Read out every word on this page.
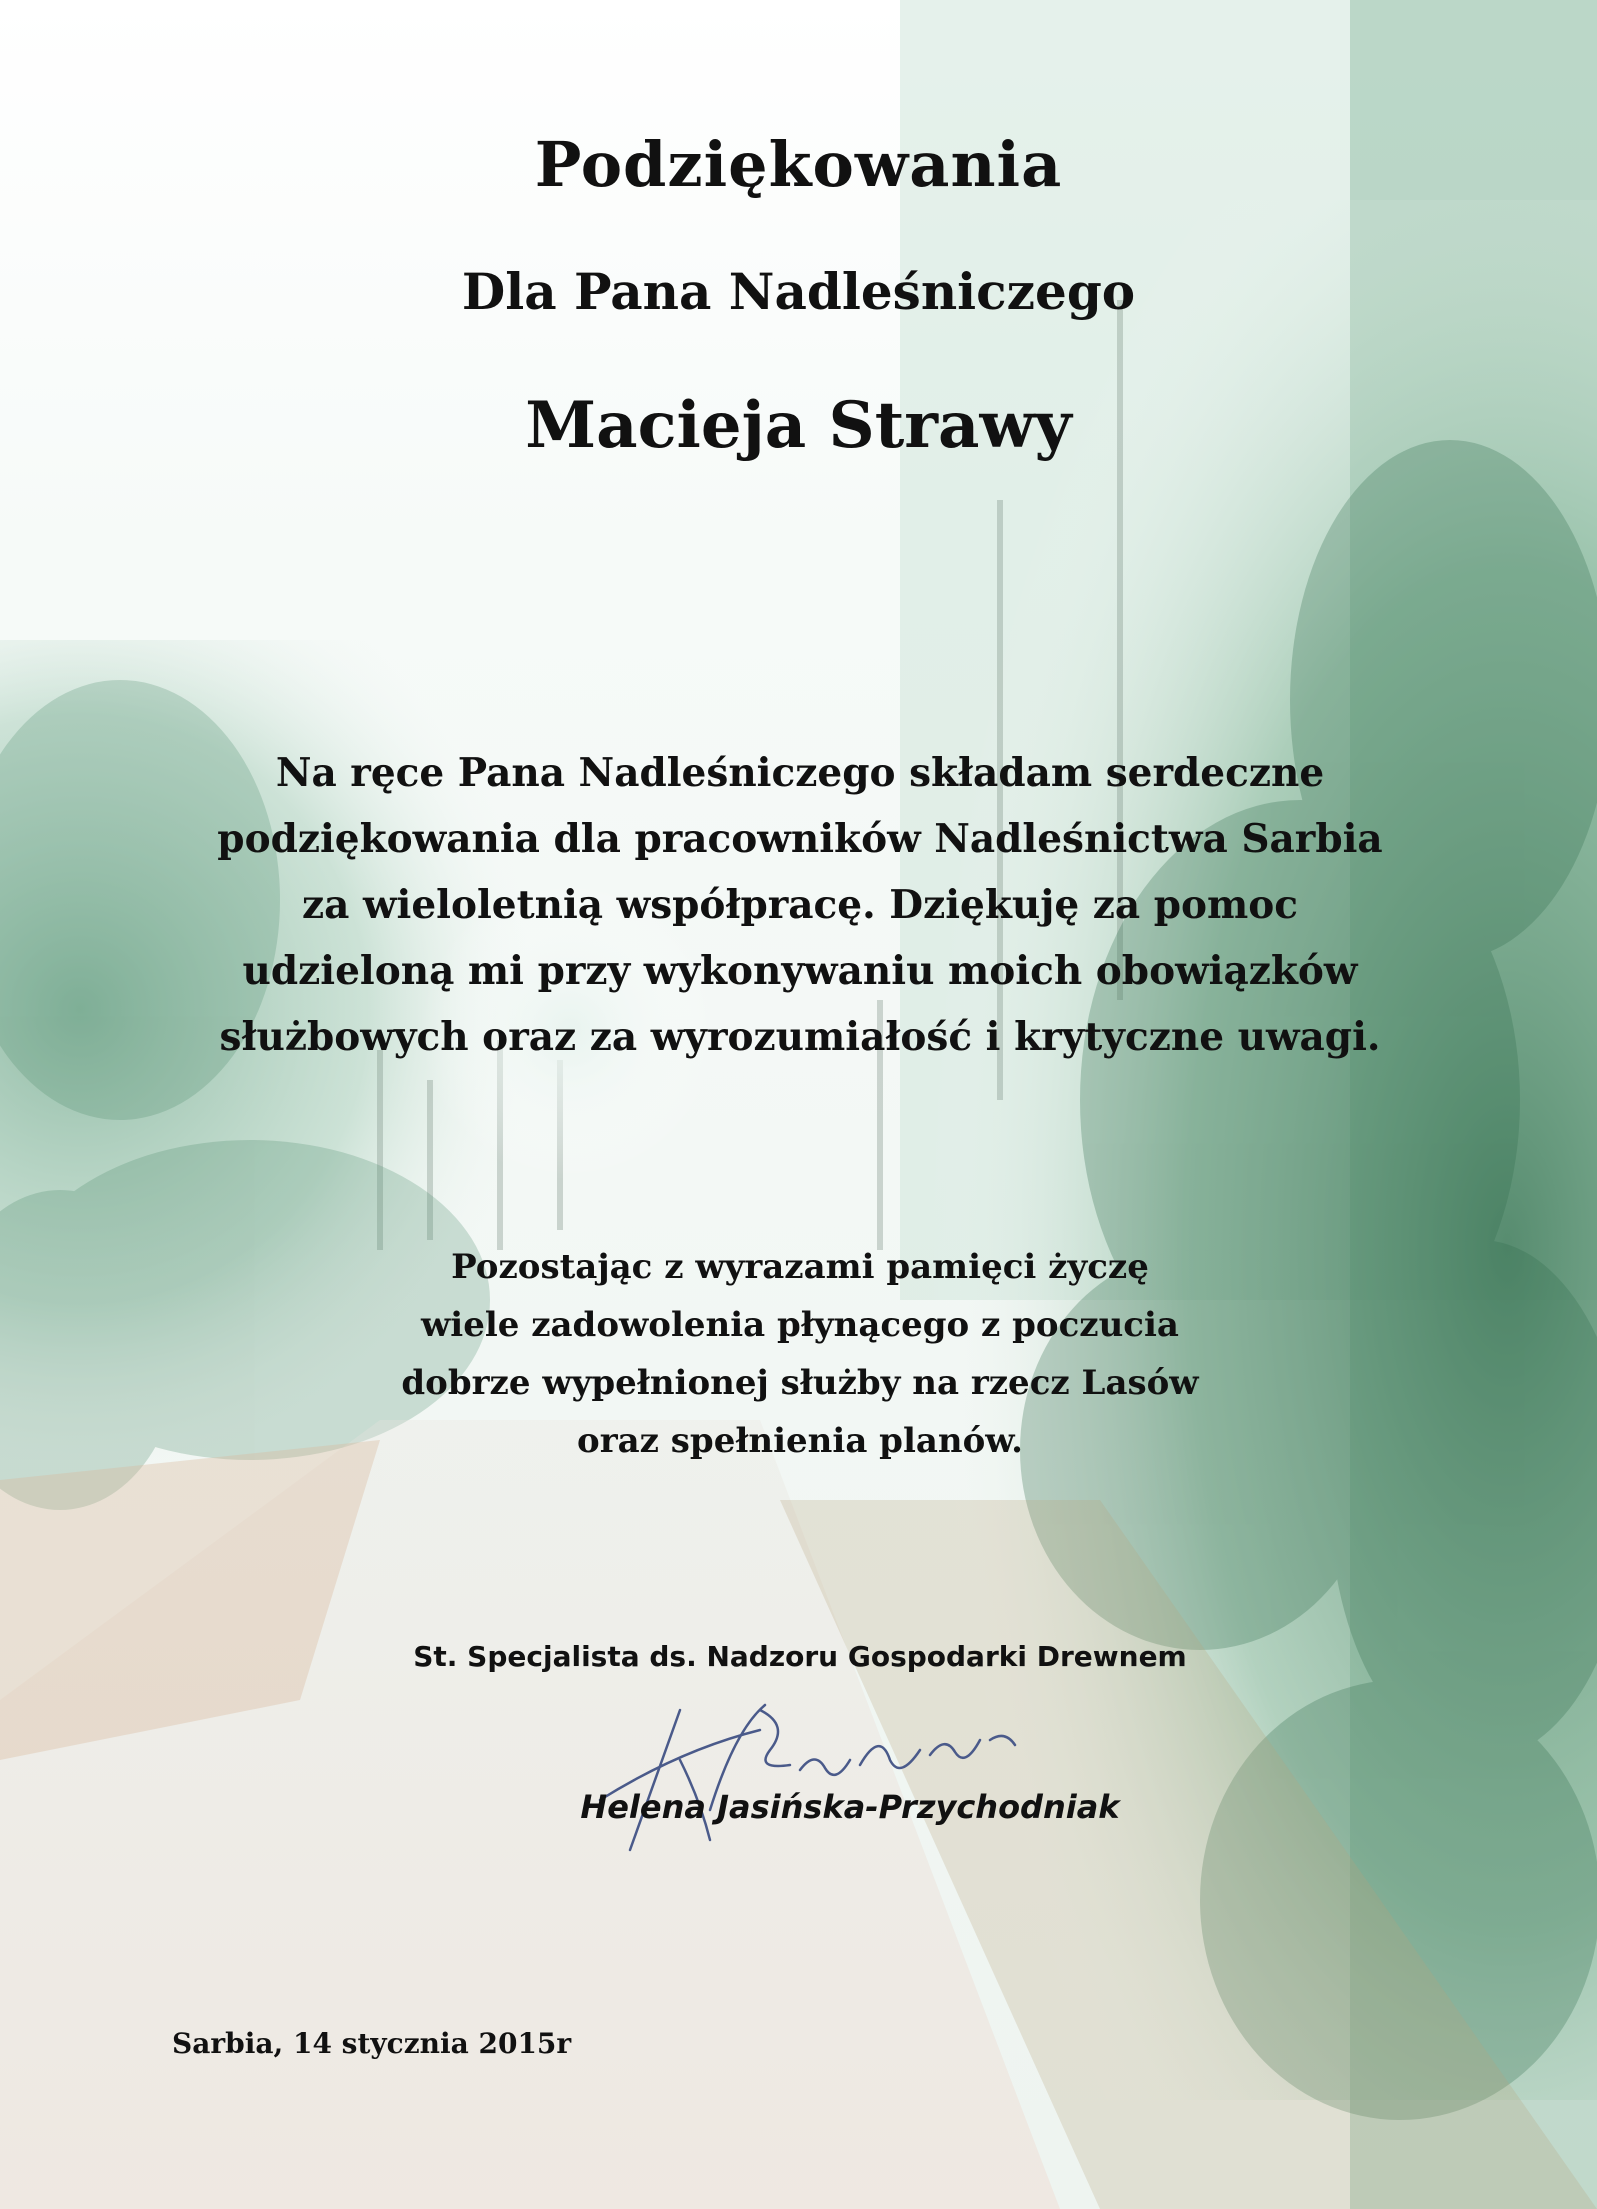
Podziękowania
Dla Pana Nadleśniczego
Macieja Strawy
Na ręce Pana Nadleśniczego składam serdeczne
podziękowania dla pracowników Nadleśnictwa Sarbia
za wieloletnią współpracę. Dziękuję za pomoc
udzieloną mi przy wykonywaniu moich obowiązków
służbowych oraz za wyrozumiałość i krytyczne uwagi.
Pozostając z wyrazami pamięci życzę
wiele zadowolenia płynącego z poczucia
dobrze wypełnionej służby na rzecz Lasów
oraz spełnienia planów.
St. Specjalista ds. Nadzoru Gospodarki Drewnem
Helena Jasińska-Przychodniak
Sarbia, 14 stycznia 2015r
